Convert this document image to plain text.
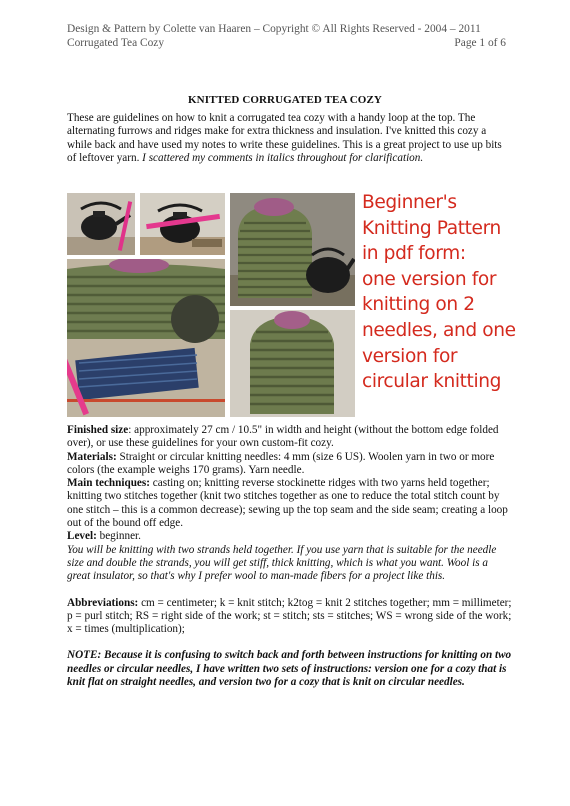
Design & Pattern by Colette van Haaren – Copyright © All Rights Reserved - 2004 – 2011
Corrugated Tea Cozy	Page 1 of 6
KNITTED CORRUGATED TEA COZY
These are guidelines on how to knit a corrugated tea cozy with a handy loop at the top. The alternating furrows and ridges make for extra thickness and insulation. I've knitted this cozy a while back and have used my notes to write these guidelines. This is a great project to use up bits of leftover yarn. I scattered my comments in italics throughout for clarification.
Beginner's
Knitting Pattern
in pdf form:
one version for
knitting on 2
needles, and one
version for
circular knitting

Finished size: approximately 27 cm / 10.5" in width and height (without the bottom edge folded over), or use these guidelines for your own custom-fit cozy.

Materials: Straight or circular knitting needles: 4 mm (size 6 US). Woolen yarn in two or more colors (the example weighs 170 grams). Yarn needle.

Main techniques: casting on; knitting reverse stockinette ridges with two yarns held together; knitting two stitches together (knit two stitches together as one to reduce the total stitch count by one stitch – this is a common decrease); sewing up the top seam and the side seam; creating a loop out of the bound off edge.

Level: beginner.

You will be knitting with two strands held together. If you use yarn that is suitable for the needle size and double the strands, you will get stiff, thick knitting, which is what you want. Wool is a great insulator, so that's why I prefer wool to man-made fibers for a project like this.

Abbreviations: cm = centimeter; k = knit stitch; k2tog = knit 2 stitches together; mm = millimeter; p = purl stitch; RS = right side of the work; st = stitch; sts = stitches; WS = wrong side of the work; x = times (multiplication);

NOTE: Because it is confusing to switch back and forth between instructions for knitting on two needles or circular needles, I have written two sets of instructions: version one for a cozy that is knit flat on straight needles, and version two for a cozy that is knit on circular needles.
